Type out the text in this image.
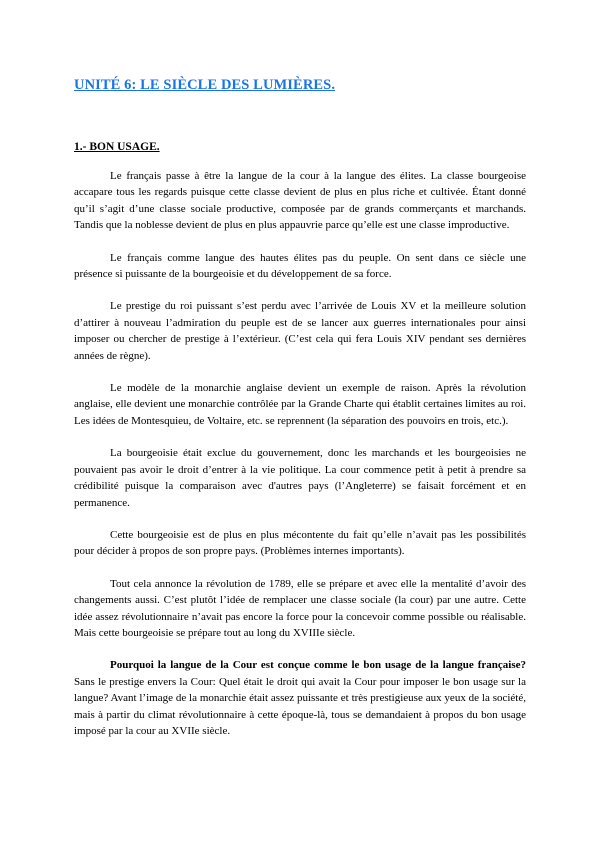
UNITÉ 6: LE SIÈCLE DES LUMIÈRES.
1.- BON USAGE.

Le français passe à être la langue de la cour à la langue des élites. La classe bourgeoise accapare tous les regards puisque cette classe devient de plus en plus riche et cultivée. Étant donné qu’il s’agit d’une classe sociale productive, composée par de grands commerçants et marchands. Tandis que la noblesse devient de plus en plus appauvrie parce qu’elle est une classe improductive.

Le français comme langue des hautes élites pas du peuple. On sent dans ce siècle une présence si puissante de la bourgeoisie et du développement de sa force.

Le prestige du roi puissant s’est perdu avec l’arrivée de Louis XV et la meilleure solution d’attirer à nouveau l’admiration du peuple est de se lancer aux guerres internationales pour ainsi imposer ou chercher de prestige à l’extérieur. (C’est cela qui fera Louis XIV pendant ses dernières années de règne).

Le modèle de la monarchie anglaise devient un exemple de raison. Après la révolution anglaise, elle devient une monarchie contrôlée par la Grande Charte qui établit certaines limites au roi. Les idées de Montesquieu, de Voltaire, etc. se reprennent (la séparation des pouvoirs en trois, etc.).

La bourgeoisie était exclue du gouvernement, donc les marchands et les bourgeoisies ne pouvaient pas avoir le droit d’entrer à la vie politique. La cour commence petit à petit à prendre sa crédibilité puisque la comparaison avec d'autres pays (l’Angleterre) se faisait forcément et en permanence.

Cette bourgeoisie est de plus en plus mécontente du fait qu’elle n’avait pas les possibilités pour décider à propos de son propre pays. (Problèmes internes importants).

Tout cela annonce la révolution de 1789, elle se prépare et avec elle la mentalité d’avoir des changements aussi. C’est plutôt l’idée de remplacer une classe sociale (la cour) par une autre. Cette idée assez révolutionnaire n’avait pas encore la force pour la concevoir comme possible ou réalisable. Mais cette bourgeoisie se prépare tout au long du XVIIIe siècle.

Pourquoi la langue de la Cour est conçue comme le bon usage de la langue française? Sans le prestige envers la Cour: Quel était le droit qui avait la Cour pour imposer le bon usage sur la langue? Avant l’image de la monarchie était assez puissante et très prestigieuse aux yeux de la société, mais à partir du climat révolutionnaire à cette époque-là, tous se demandaient à propos du bon usage imposé par la cour au XVIIe siècle.
